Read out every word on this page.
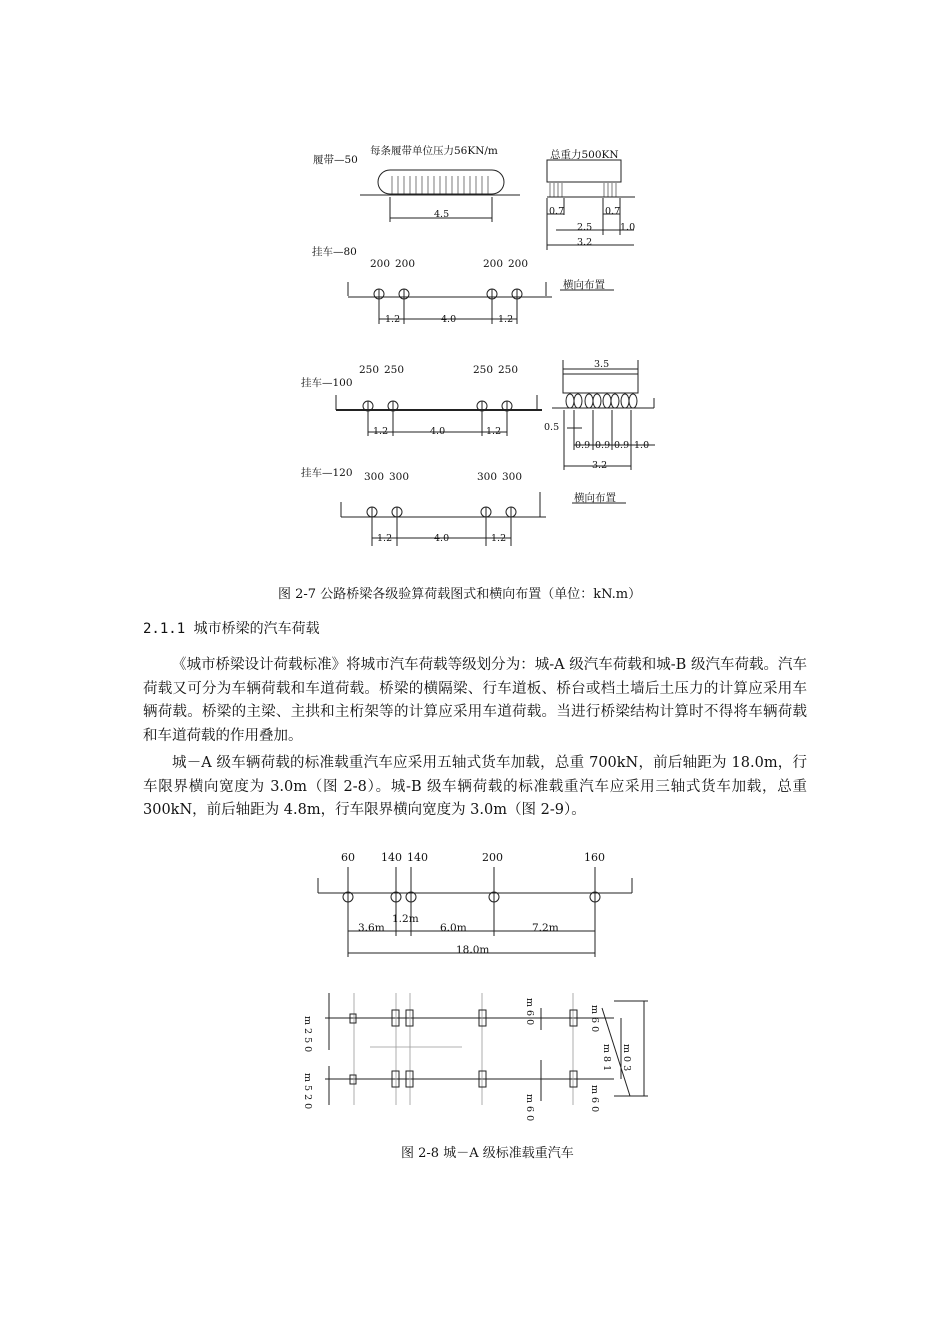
履带—50
每条履带单位压力56KN/m
4.5
总重力500KN
0.7	0.7
2.5	1.0
3.2
挂车—80
200 200	200 200
1.2	4.0	1.2
横向布置
挂车—100
250 250	250 250
1.2	4.0	1.2
3.5
0.5
0.9 0.9 0.9 1.0
3.2
挂车—120 300 300	300 300
1.2	4.0	1.2
横向布置
60 140 140	200	160
3.6m
1.2m
6.0m	7.2m
18.0m
m 2 5 0
m 5 2 0
m 6 0
m 6 0
m 6 0
m 6 0
m 8 1 m 0 3
图 2-7 公路桥梁各级验算荷载图式和横向布置（单位：kN.m）
2.1.1 城市桥梁的汽车荷载

《城市桥梁设计荷载标准》将城市汽车荷载等级划分为：城-A 级汽车荷载和城-B 级汽车荷载。汽车荷载又可分为车辆荷载和车道荷载。桥梁的横隔梁、行车道板、桥台或档土墙后土压力的计算应采用车辆荷载。桥梁的主梁、主拱和主桁架等的计算应采用车道荷载。当进行桥梁结构计算时不得将车辆荷载和车道荷载的作用叠加。

城－A 级车辆荷载的标准载重汽车应采用五轴式货车加载，总重 700kN，前后轴距为 18.0m，行车限界横向宽度为 3.0m（图 2-8）。城-B 级车辆荷载的标准载重汽车应采用三轴式货车加载，总重 300kN，前后轴距为 4.8m，行车限界横向宽度为 3.0m（图 2-9）。

图 2-8 城－A 级标准载重汽车
